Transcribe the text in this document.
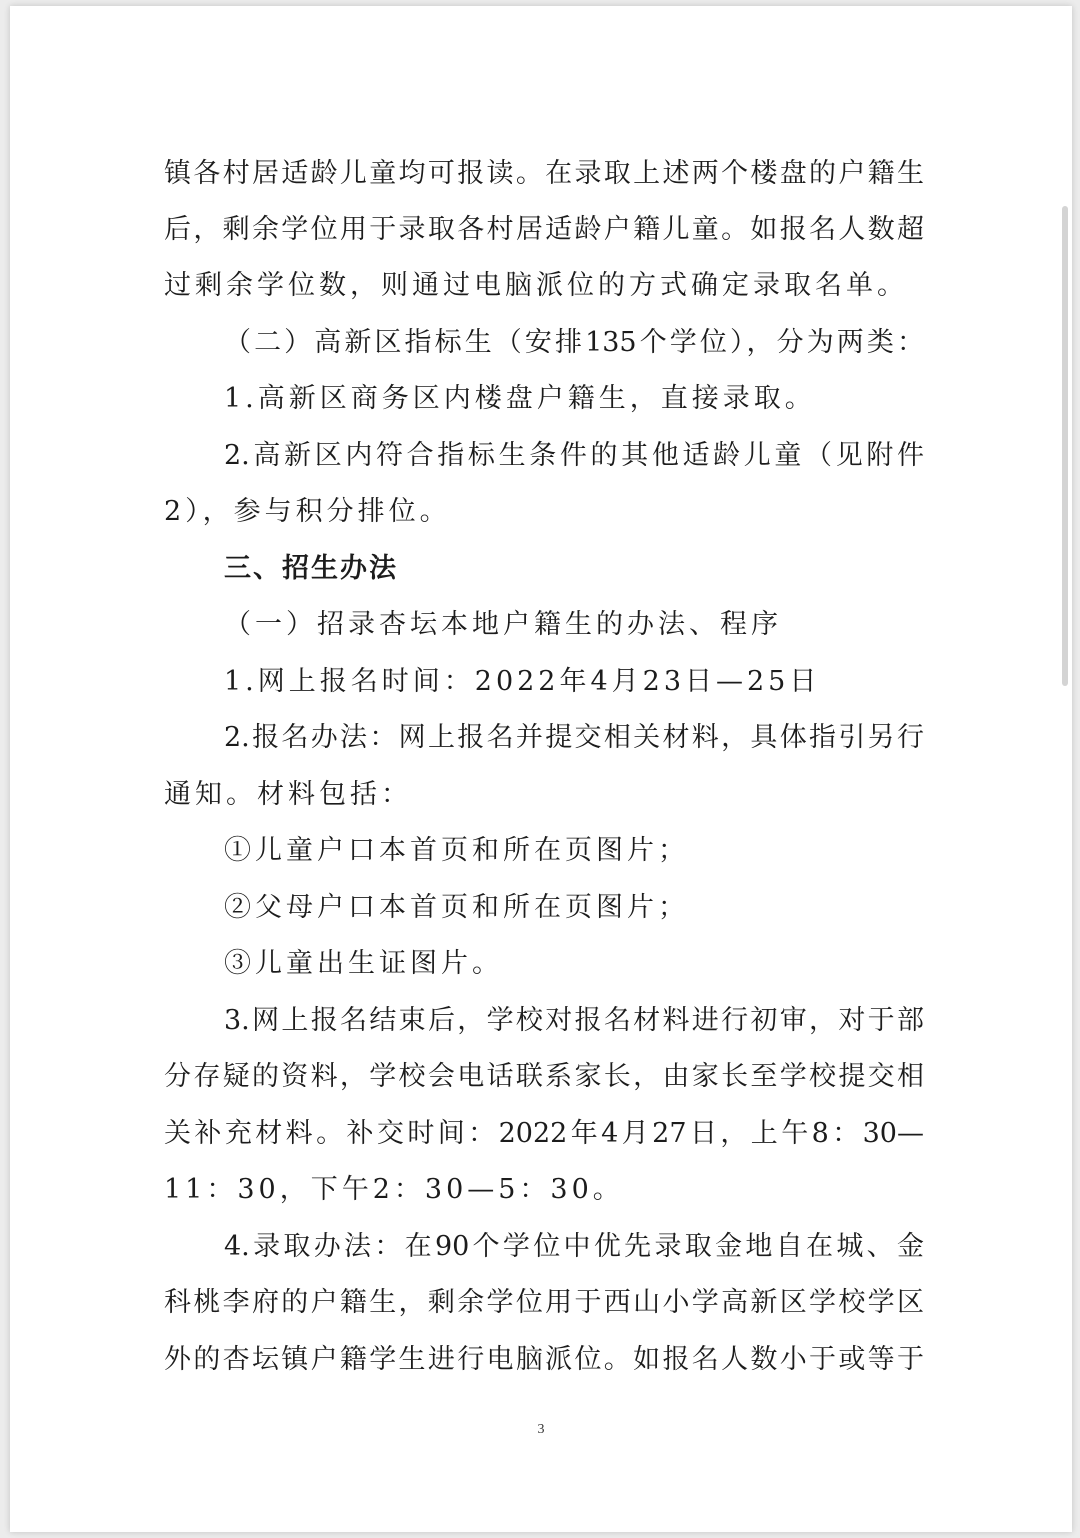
镇各村居适龄儿童均可报读。在录取上述两个楼盘的户籍生
后，剩余学位用于录取各村居适龄户籍儿童。如报名人数超
过剩余学位数，则通过电脑派位的方式确定录取名单。
（二）高新区指标生（安排135个学位），分为两类：
1.高新区商务区内楼盘户籍生，直接录取。
2.高新区内符合指标生条件的其他适龄儿童（见附件
2），参与积分排位。
三、招生办法
（一）招录杏坛本地户籍生的办法、程序
1.网上报名时间：2022年4月23日—25日
2.报名办法：网上报名并提交相关材料，具体指引另行
通知。材料包括：
①儿童户口本首页和所在页图片；
②父母户口本首页和所在页图片；
③儿童出生证图片。
3.网上报名结束后，学校对报名材料进行初审，对于部
分存疑的资料，学校会电话联系家长，由家长至学校提交相
关补充材料。补交时间：2022年4月27日，上午8：30—
11：30，下午2：30—5：30。
4.录取办法：在90个学位中优先录取金地自在城、金
科桃李府的户籍生，剩余学位用于西山小学高新区学校学区
外的杏坛镇户籍学生进行电脑派位。如报名人数小于或等于
3
